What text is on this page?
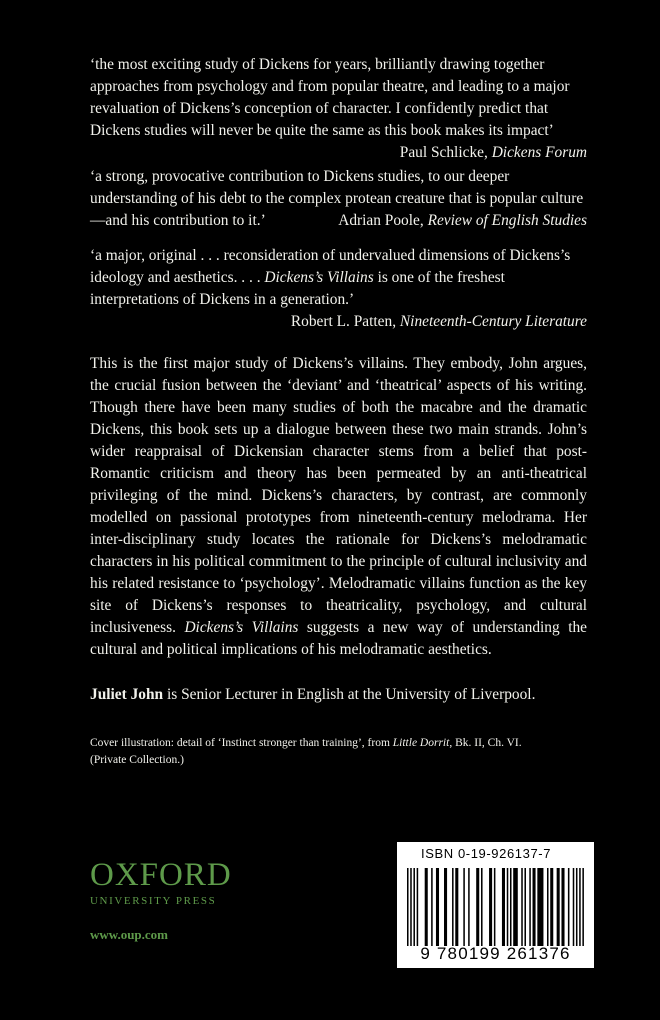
‘the most exciting study of Dickens for years, brilliantly drawing together approaches from psychology and from popular theatre, and leading to a major revaluation of Dickens’s conception of character. I confidently predict that Dickens studies will never be quite the same as this book makes its impact’

Paul Schlicke, Dickens Forum

‘a strong, provocative contribution to Dickens studies, to our deeper understanding of his debt to the complex protean creature that is popular culture —and his contribution to it.’	Adrian Poole, Review of English Studies

‘a major, original . . . reconsideration of undervalued dimensions of Dickens’s ideology and aesthetics. . . . Dickens’s Villains is one of the freshest interpretations of Dickens in a generation.’

Robert L. Patten, Nineteenth-Century Literature

This is the first major study of Dickens’s villains. They embody, John argues, the crucial fusion between the ‘deviant’ and ‘theatrical’ aspects of his writing. Though there have been many studies of both the macabre and the dramatic Dickens, this book sets up a dialogue between these two main strands. John’s wider reappraisal of Dickensian character stems from a belief that post-Romantic criticism and theory has been permeated by an anti-theatrical privileging of the mind. Dickens’s characters, by contrast, are commonly modelled on passional prototypes from nineteenth-century melodrama. Her inter-disciplinary study locates the rationale for Dickens’s melodramatic characters in his political commitment to the principle of cultural inclusivity and his related resistance to ‘psychology’. Melodramatic villains function as the key site of Dickens’s responses to theatricality, psychology, and cultural inclusiveness. Dickens’s Villains suggests a new way of understanding the cultural and political implications of his melodramatic aesthetics.

Juliet John is Senior Lecturer in English at the University of Liverpool.

Cover illustration: detail of ‘Instinct stronger than training’, from Little Dorrit, Bk. II, Ch. VI. (Private Collection.)
OXFORD
UNIVERSITY PRESS
www.oup.com
ISBN 0-19-926137-7
9 780199 261376
